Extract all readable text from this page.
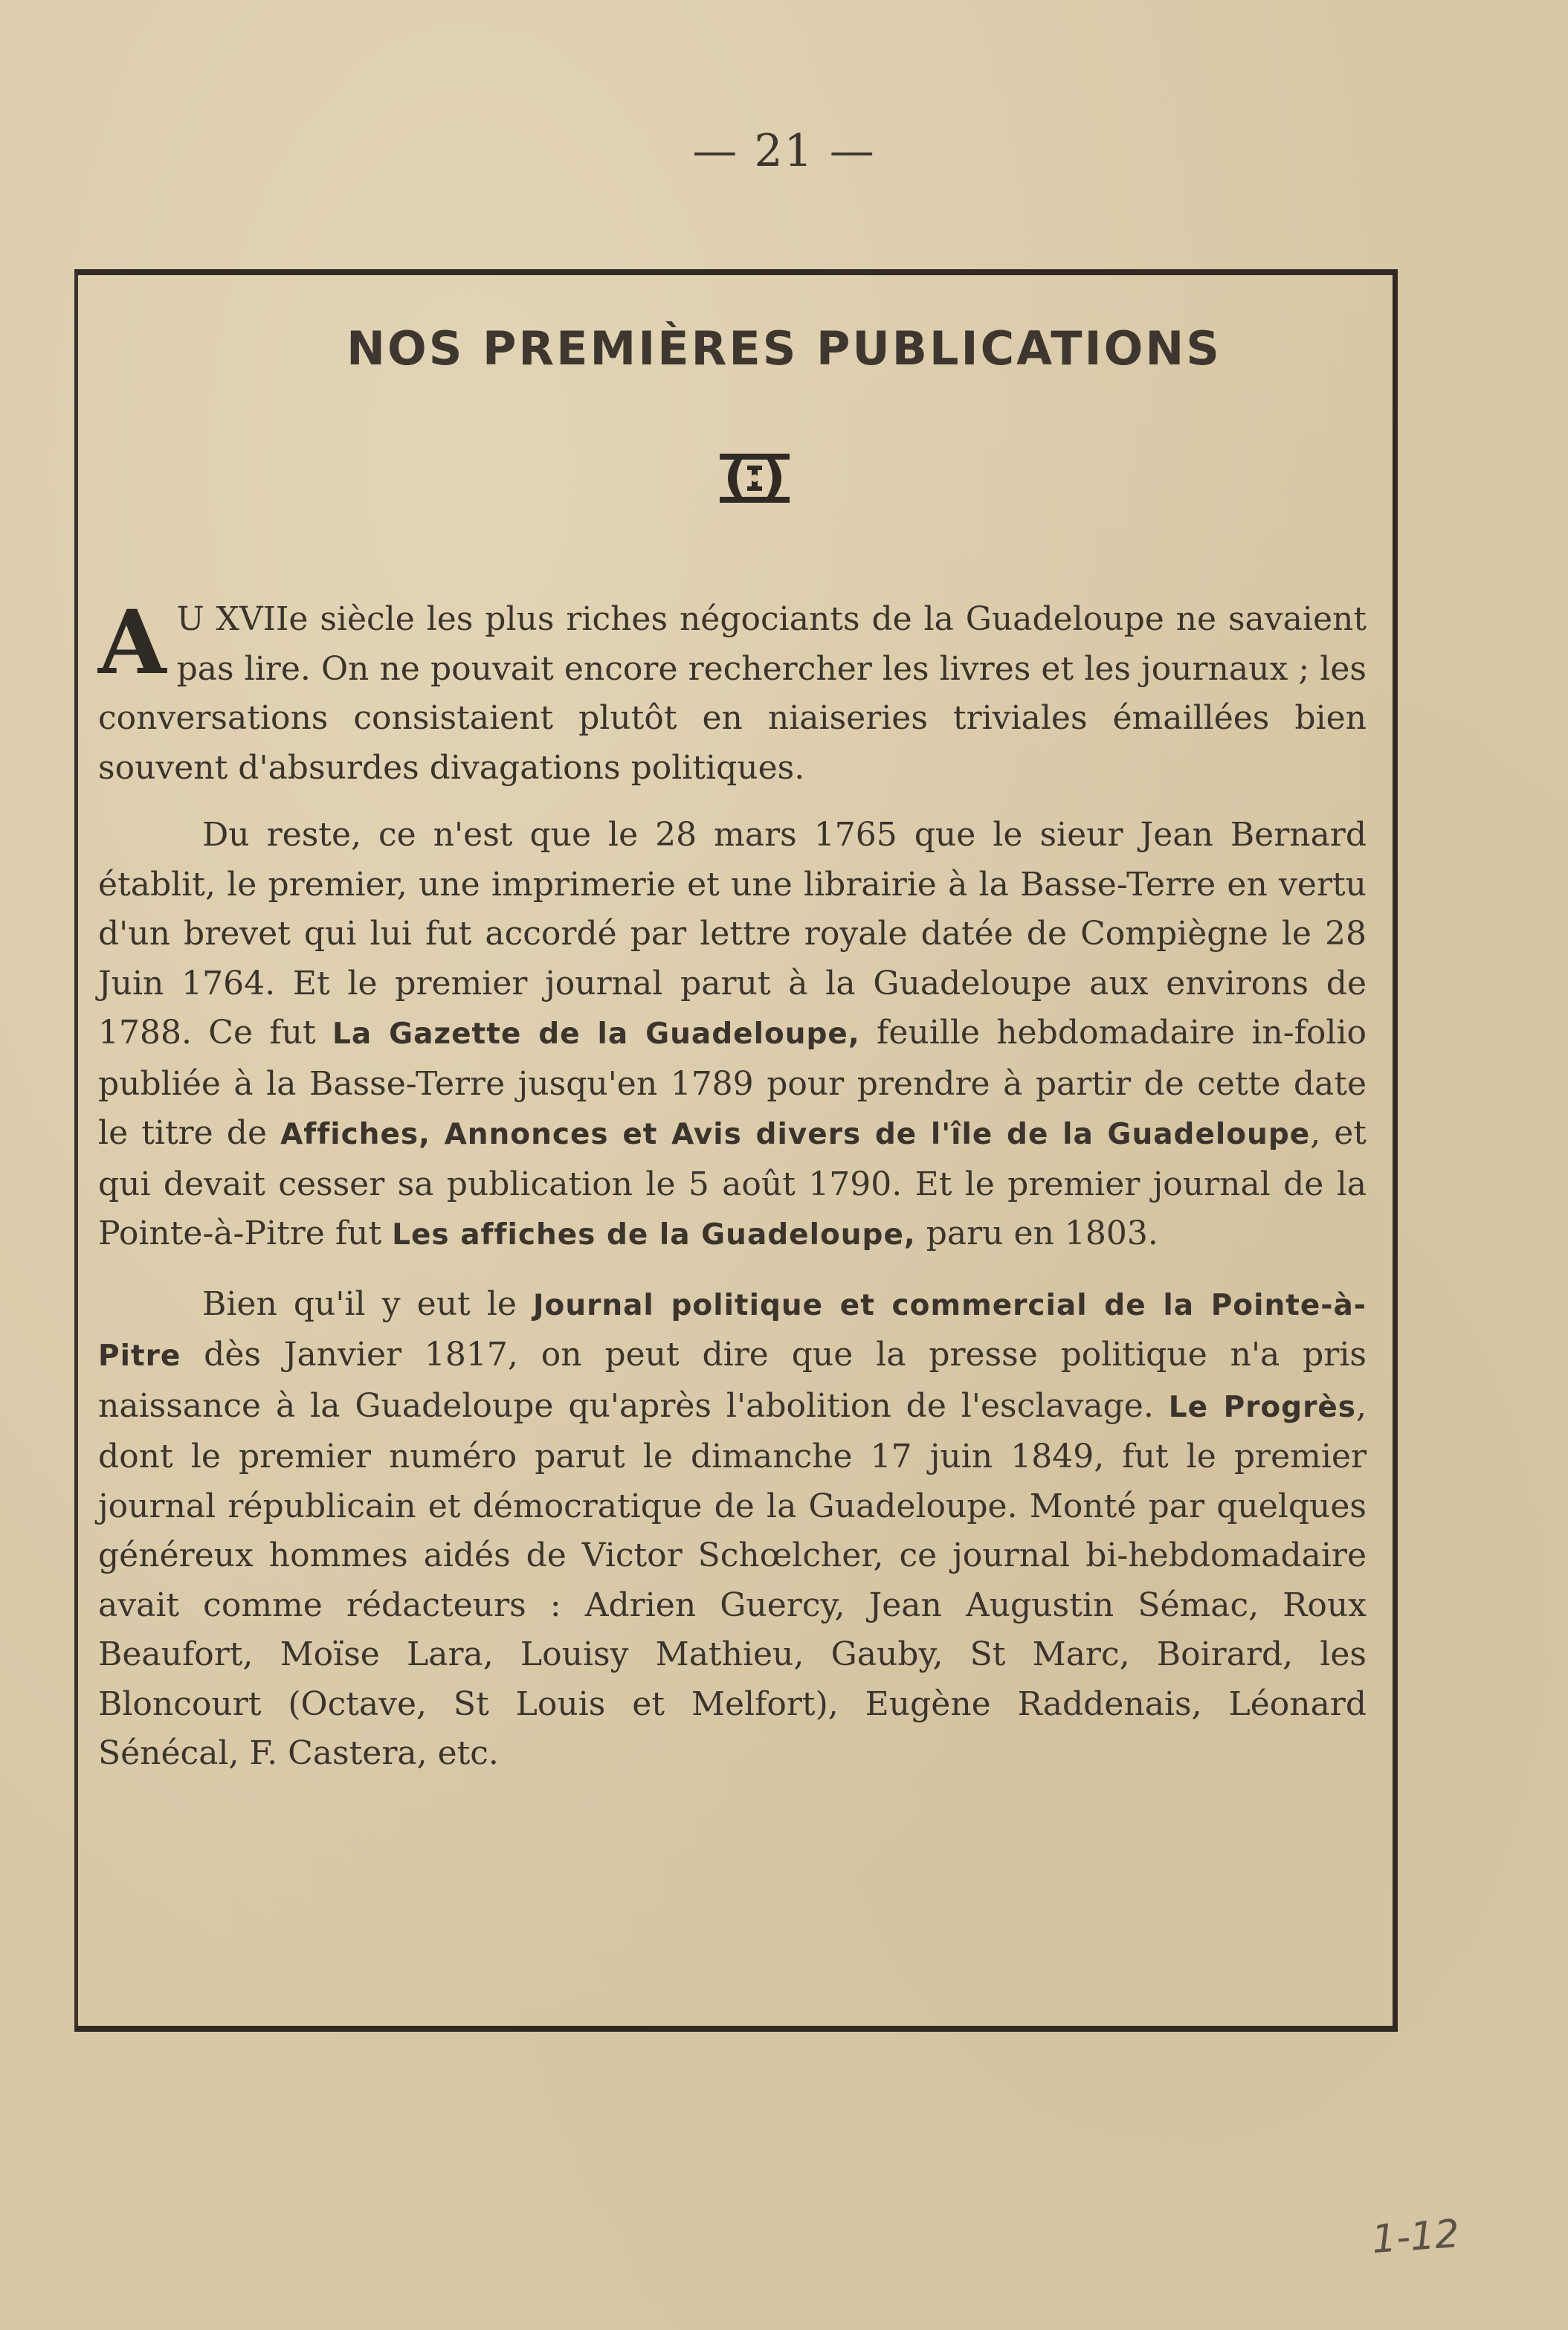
— 21 —
NOS PREMIÈRES PUBLICATIONS

A U XVIIe siècle les plus riches négociants de la Guadeloupe ne savaient pas lire. On ne pouvait encore rechercher les livres et les journaux ; les conversations consistaient plutôt en niaiseries triviales émaillées bien souvent d'absurdes divagations politiques.

Du reste, ce n'est que le 28 mars 1765 que le sieur Jean Bernard établit, le premier, une imprimerie et une librairie à la Basse-Terre en vertu d'un brevet qui lui fut accordé par lettre royale datée de Compiègne le 28 Juin 1764. Et le premier journal parut à la Guadeloupe aux environs de 1788. Ce fut La Gazette de la Guadeloupe, feuille hebdomadaire in-folio publiée à la Basse-Terre jusqu'en 1789 pour prendre à partir de cette date le titre de Affiches, Annonces et Avis divers de l'île de la Guadeloupe, et qui devait cesser sa publication le 5 août 1790. Et le premier journal de la Pointe-à-Pitre fut Les affiches de la Guadeloupe, paru en 1803.

Bien qu'il y eut le Journal politique et commercial de la Pointe-à-Pitre dès Janvier 1817, on peut dire que la presse politique n'a pris naissance à la Guadeloupe qu'après l'abolition de l'esclavage. Le Progrès, dont le premier numéro parut le dimanche 17 juin 1849, fut le premier journal républicain et démocratique de la Guadeloupe. Monté par quelques généreux hommes aidés de Victor Schœlcher, ce journal bi-hebdomadaire avait comme rédacteurs : Adrien Guercy, Jean Augustin Sémac, Roux Beaufort, Moïse Lara, Louisy Mathieu, Gauby, St Marc, Boirard, les Bloncourt (Octave, St Louis et Melfort), Eugène Raddenais, Léonard Sénécal, F. Castera, etc.

1-12
